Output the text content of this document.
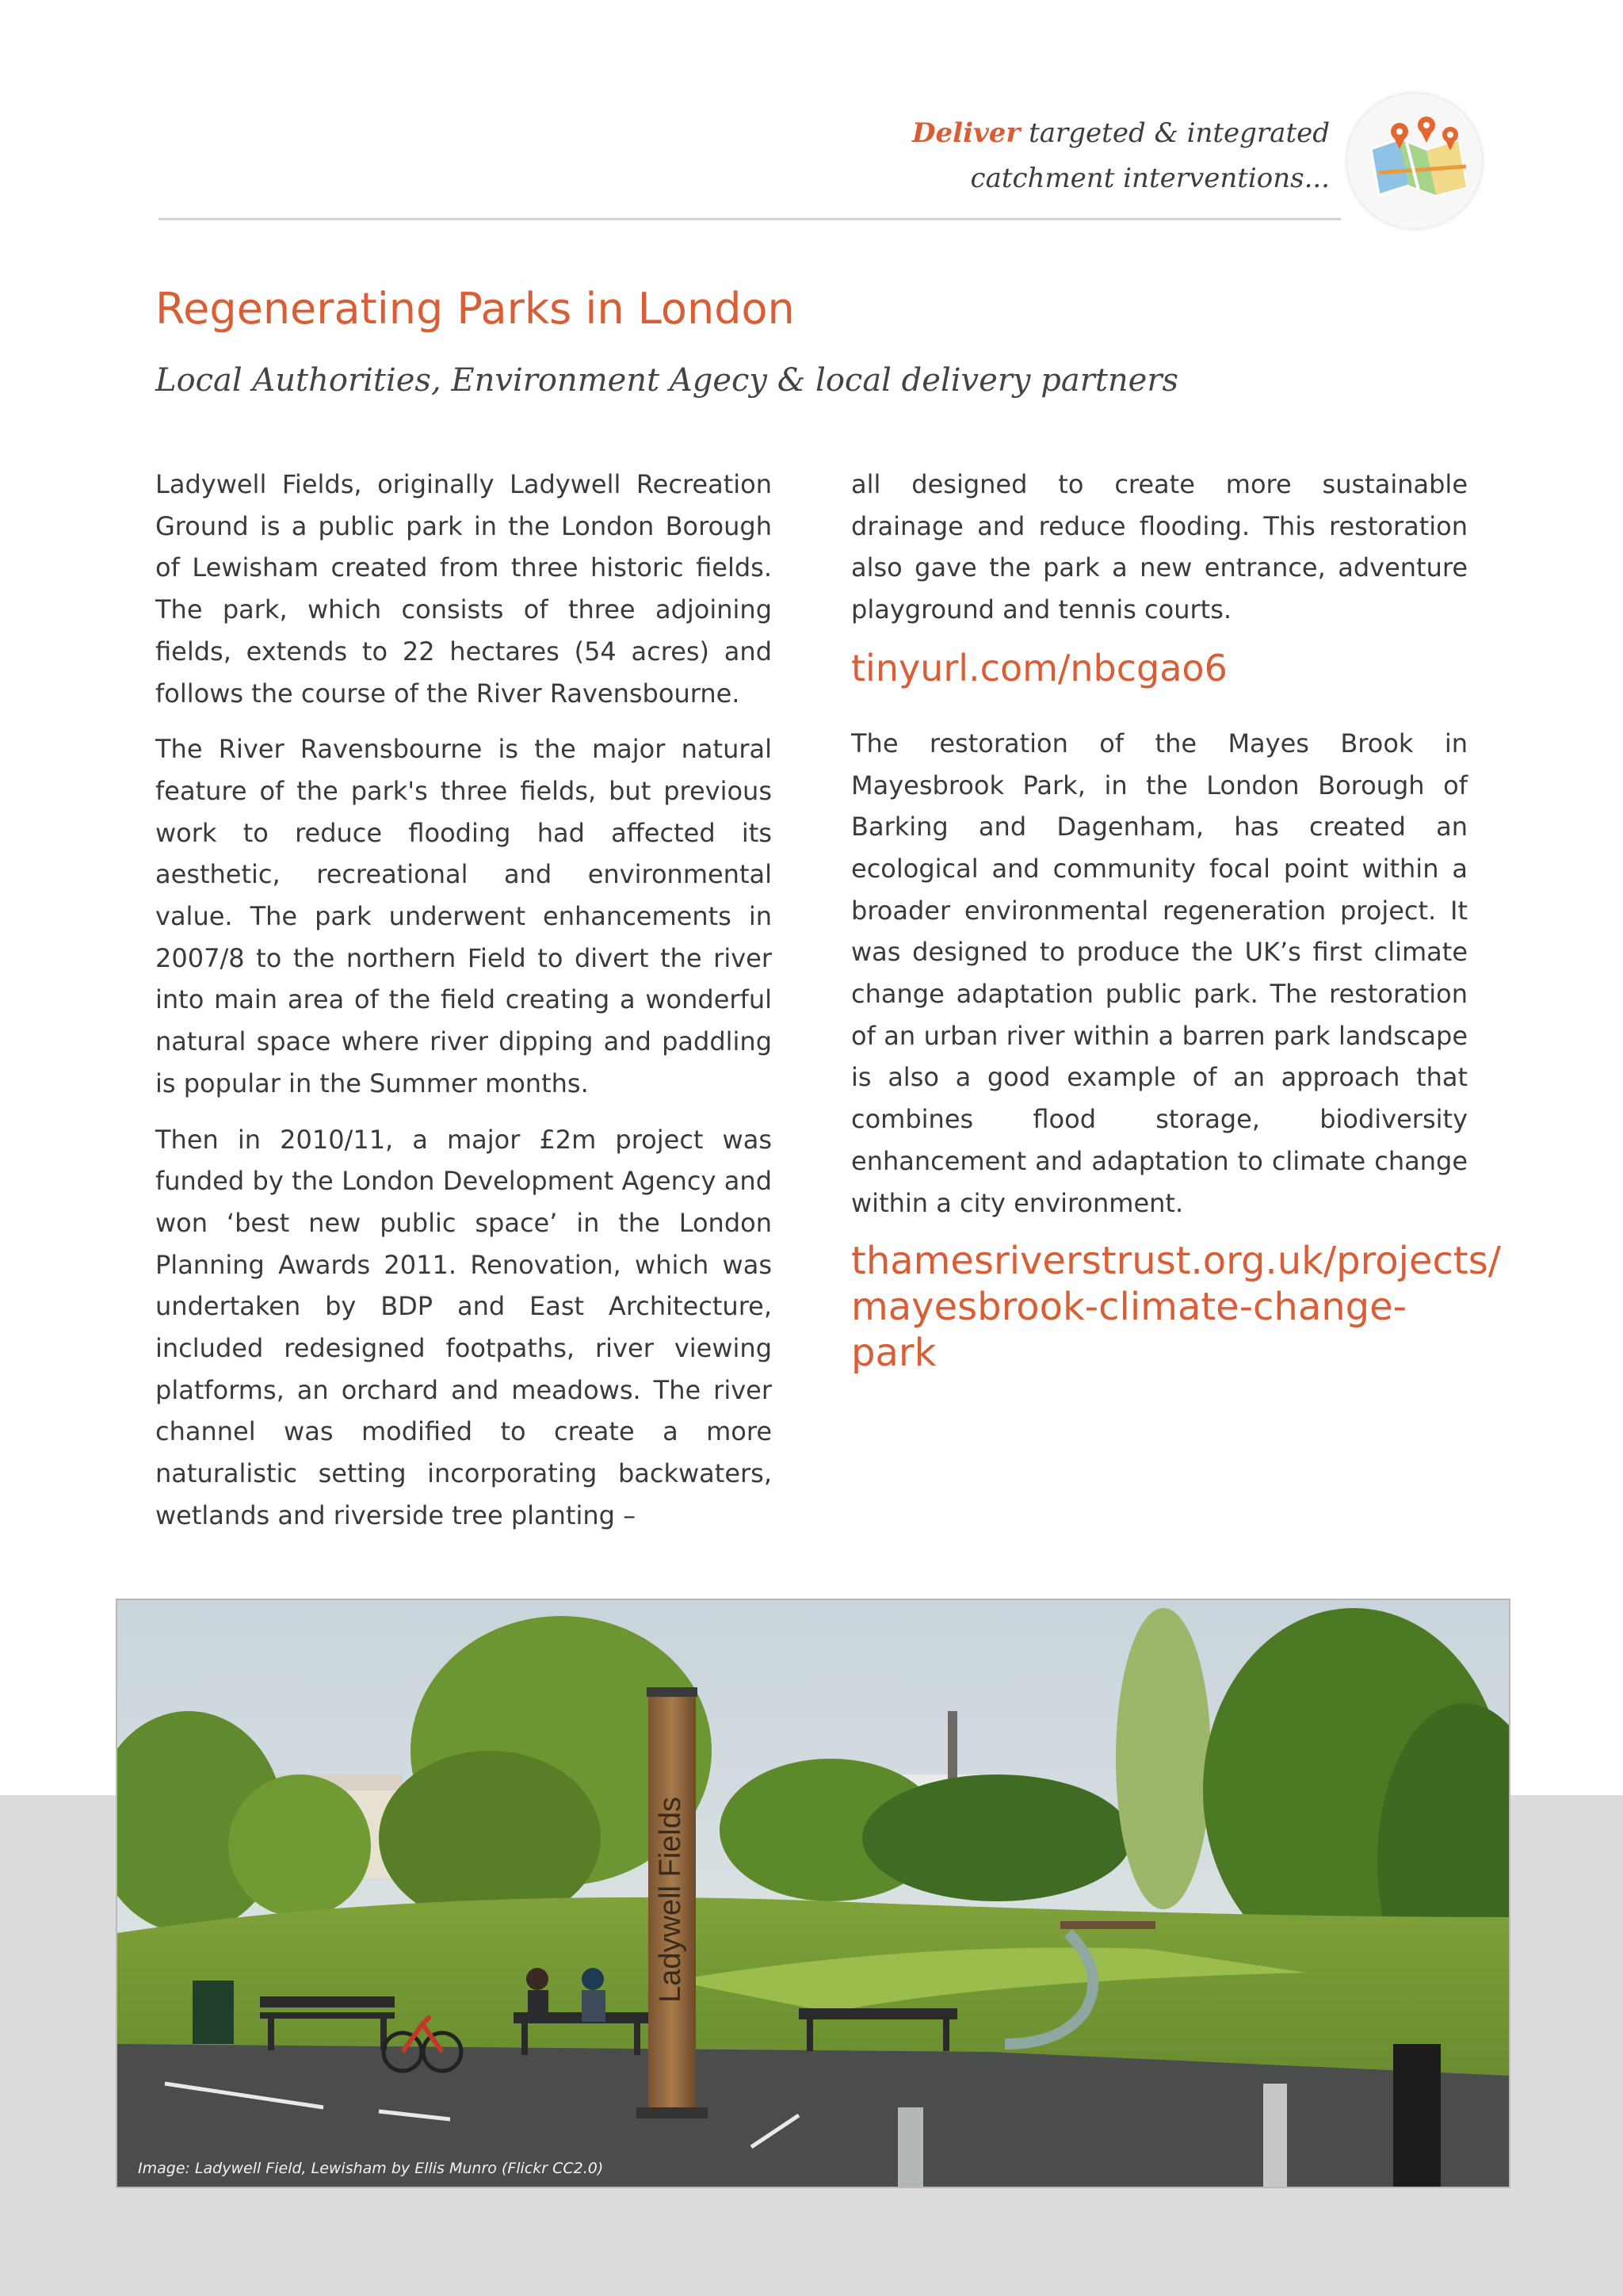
Deliver targeted & integrated
catchment interventions...
Regenerating Parks in London
Local Authorities, Environment Agecy & local delivery partners

Ladywell Fields, originally Ladywell Recreation Ground is a public park in the London Borough of Lewisham created from three historic fields. The park, which consists of three adjoining fields, extends to 22 hectares (54 acres) and follows the course of the River Ravensbourne.

The River Ravensbourne is the major natural feature of the park's three fields, but previous work to reduce flooding had affected its aesthetic, recreational and environmental value. The park underwent enhancements in 2007/8 to the northern Field to divert the river into main area of the field creating a wonderful natural space where river dipping and paddling is popular in the Summer months.

Then in 2010/11, a major £2m project was funded by the London Development Agency and won ‘best new public space’ in the London Planning Awards 2011. Renovation, which was undertaken by BDP and East Architecture, included redesigned footpaths, river viewing platforms, an orchard and meadows. The river channel was modified to create a more naturalistic setting incorporating backwaters, wetlands and riverside tree planting –

all designed to create more sustainable drainage and reduce flooding. This restoration also gave the park a new entrance, adventure playground and tennis courts.

tinyurl.com/nbcgao6

The restoration of the Mayes Brook in Mayesbrook Park, in the London Borough of Barking and Dagenham, has created an ecological and community focal point within a broader environmental regeneration project. It was designed to produce the UK’s first climate change adaptation public park. The restoration of an urban river within a barren park landscape is also a good example of an approach that combines flood storage, biodiversity enhancement and adaptation to climate change within a city environment.

thamesriverstrust.org.uk/projects/
mayesbrook-climate-change-park
Ladywell Fields
Image: Ladywell Field, Lewisham by Ellis Munro (Flickr CC2.0)
